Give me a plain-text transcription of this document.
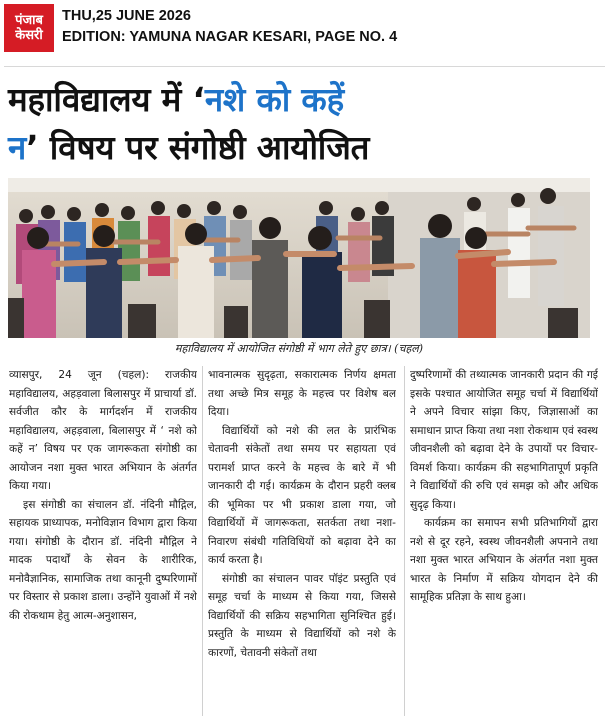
पंजाब
केसरी
THU,25 JUNE 2026
EDITION: YAMUNA NAGAR KESARI, PAGE NO. 4
महाविद्यालय में ‘नशे को कहें
न’ विषय पर संगोष्ठी आयोजित
महाविद्यालय में आयोजित संगोष्ठी में भाग लेते हुए छात्र। (चहल)

व्यासपुर, 24 जून (चहल): राजकीय महाविद्यालय, अहड़वाला बिलासपुर में प्राचार्या डॉ. सर्वजीत कौर के मार्गदर्शन में राजकीय महाविद्यालय, अहड़वाला, बिलासपुर में ‘ नशे को कहें न’ विषय पर एक जागरूकता संगोष्ठी का आयोजन नशा मुक्त भारत अभियान के अंतर्गत किया गया।

इस संगोष्ठी का संचालन डॉ. नंदिनी मौद्गिल, सहायक प्राध्यापक, मनोविज्ञान विभाग द्वारा किया गया। संगोष्ठी के दौरान डॉ. नंदिनी मौद्गिल ने मादक पदार्थों के सेवन के शारीरिक, मनोवैज्ञानिक, सामाजिक तथा कानूनी दुष्परिणामों पर विस्तार से प्रकाश डाला। उन्होंने युवाओं में नशे की रोकथाम हेतु आत्म-अनुशासन,

भावनात्मक सुदृढ़ता, सकारात्मक निर्णय क्षमता तथा अच्छे मित्र समूह के महत्त्व पर विशेष बल दिया।

विद्यार्थियों को नशे की लत के प्रारंभिक चेतावनी संकेतों तथा समय पर सहायता एवं परामर्श प्राप्त करने के महत्त्व के बारे में भी जानकारी दी गई। कार्यक्रम के दौरान प्रहरी क्लब की भूमिका पर भी प्रकाश डाला गया, जो विद्यार्थियों में जागरूकता, सतर्कता तथा नशा-निवारण संबंधी गतिविधियों को बढ़ावा देने का कार्य करता है।

संगोष्ठी का संचालन पावर पॉइंट प्रस्तुति एवं समूह चर्चा के माध्यम से किया गया, जिससे विद्यार्थियों की सक्रिय सहभागिता सुनिश्चित हुई। प्रस्तुति के माध्यम से विद्यार्थियों को नशे के कारणों, चेतावनी संकेतों तथा

दुष्परिणामों की तथ्यात्मक जानकारी प्रदान की गई इसके पश्चात आयोजित समूह चर्चा में विद्यार्थियों ने अपने विचार सांझा किए, जिज्ञासाओं का समाधान प्राप्त किया तथा नशा रोकथाम एवं स्वस्थ जीवनशैली को बढ़ावा देने के उपायों पर विचार-विमर्श किया। कार्यक्रम की सहभागितापूर्ण प्रकृति ने विद्यार्थियों की रुचि एवं समझ को और अधिक सुदृढ़ किया।

कार्यक्रम का समापन सभी प्रतिभागियों द्वारा नशे से दूर रहने, स्वस्थ जीवनशैली अपनाने तथा नशा मुक्त भारत अभियान के अंतर्गत नशा मुक्त भारत के निर्माण में सक्रिय योगदान देने की सामूहिक प्रतिज्ञा के साथ हुआ।
